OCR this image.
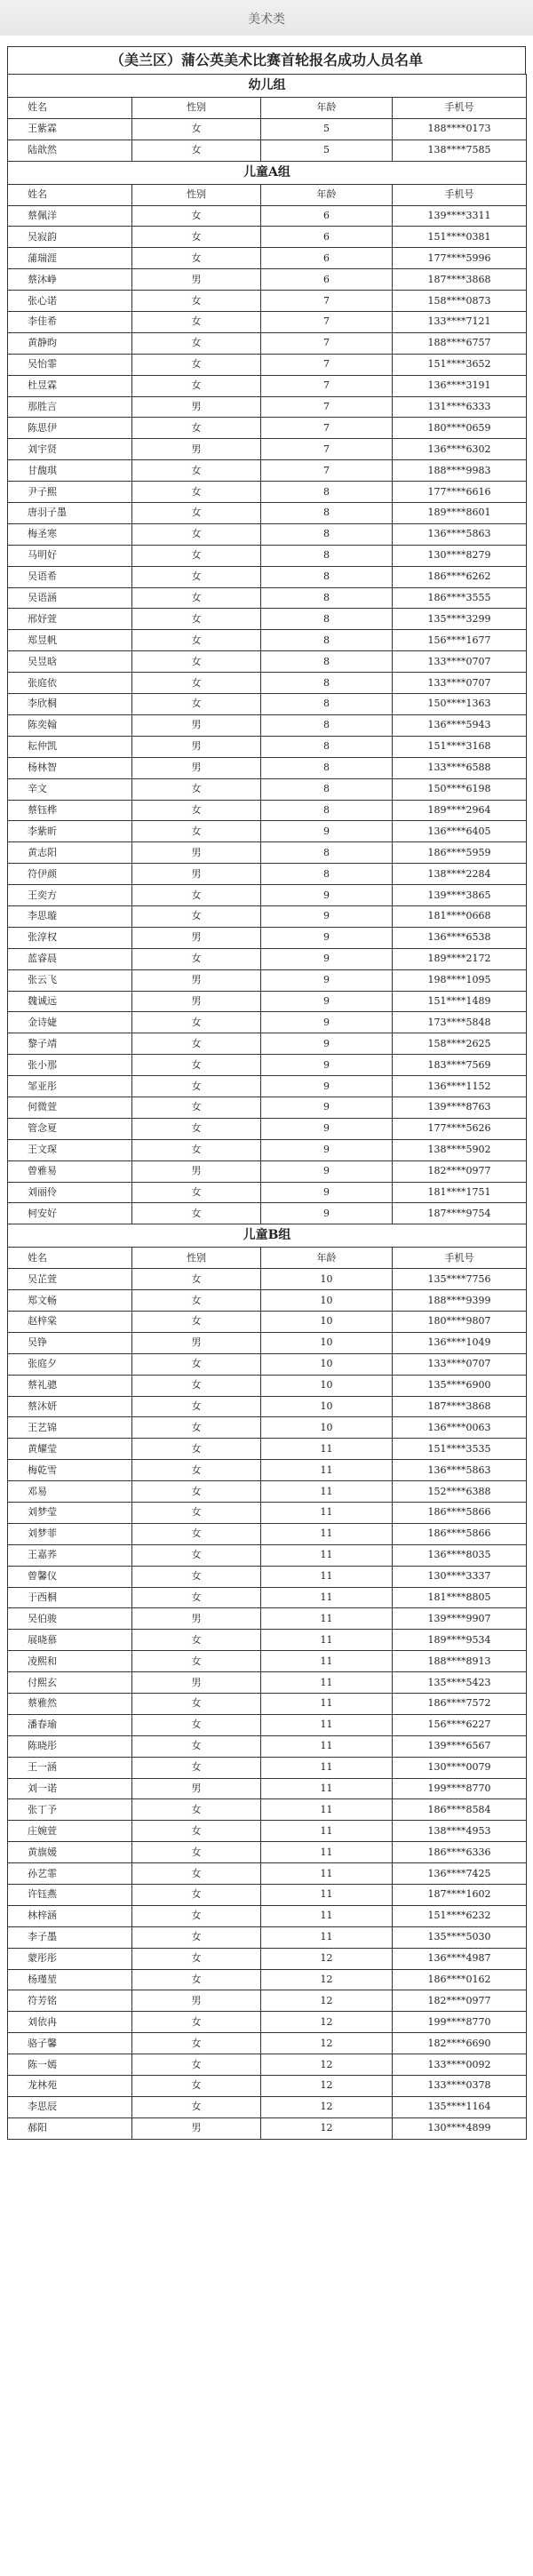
美术类
（美兰区）蒲公英美术比赛首轮报名成功人员名单
幼儿组			
姓名	性别	年龄	手机号
王紫霖	女	5	188****0173
陆歆然	女	5	138****7585
儿童A组			
姓名	性别	年龄	手机号
蔡佩洋	女	6	139****3311
吴寂韵	女	6	151****0381
蒲瑞涯	女	6	177****5996
蔡沐峥	男	6	187****3868
张心诺	女	7	158****0873
李佳希	女	7	133****7121
黄静昀	女	7	188****6757
吴怡霏	女	7	151****3652
杜昱霖	女	7	136****3191
那胜言	男	7	131****6333
陈思伊	女	7	180****0659
刘宇贤	男	7	136****6302
甘馥琪	女	7	188****9983
尹子熙	女	8	177****6616
唐羽子墨	女	8	189****8601
梅圣寒	女	8	136****5863
马明好	女	8	130****8279
吴语希	女	8	186****6262
吴语涵	女	8	186****3555
邢妤萱	女	8	135****3299
郑昱帆	女	8	156****1677
吴昱晗	女	8	133****0707
张庭依	女	8	133****0707
李欣桐	女	8	150****1363
陈奕翰	男	8	136****5943
耘仲凯	男	8	151****3168
杨林智	男	8	133****6588
辛文	女	8	150****6198
蔡钰桦	女	8	189****2964
李紫昕	女	9	136****6405
黄志阳	男	8	186****5959
符伊颜	男	8	138****2284
王奕方	女	9	139****3865
李思璇	女	9	181****0668
张淳权	男	9	136****6538
蓝睿晨	女	9	189****2172
张云飞	男	9	198****1095
魏诚远	男	9	151****1489
金诗婕	女	9	173****5848
黎子靖	女	9	158****2625
张小那	女	9	183****7569
邹亚彤	女	9	136****1152
何微萱	女	9	139****8763
管念夏	女	9	177****5626
王文琛	女	9	138****5902
曾雅易	男	9	182****0977
刘丽伶	女	9	181****1751
柯安好	女	9	187****9754
儿童B组			
姓名	性别	年龄	手机号
吴芷萱	女	10	135****7756
郑文畅	女	10	188****9399
赵梓棠	女	10	180****9807
吴铮	男	10	136****1049
张庭夕	女	10	133****0707
蔡礼骢	女	10	135****6900
蔡沐妍	女	10	187****3868
王艺锦	女	10	136****0063
黄耀莹	女	11	151****3535
梅乾雪	女	11	136****5863
邓易	女	11	152****6388
刘梦莹	女	11	186****5866
刘梦菲	女	11	186****5866
王嘉荞	女	11	136****8035
曾馨仪	女	11	130****3337
于西桐	女	11	181****8805
吴伯骏	男	11	139****9907
展晓慕	女	11	189****9534
凌熙和	女	11	188****8913
付熙玄	男	11	135****5423
蔡雅然	女	11	186****7572
潘春瑜	女	11	156****6227
陈晓彤	女	11	139****6567
王一涵	女	11	130****0079
刘一诺	男	11	199****8770
张丁予	女	11	186****8584
庄婉萱	女	11	138****4953
黄旗媛	女	11	186****6336
孙艺霏	女	11	136****7425
许钰燕	女	11	187****1602
林梓涵	女	11	151****6232
李子墨	女	11	135****5030
蒙彤彤	女	12	136****4987
杨瑾堃	女	12	186****0162
符芳铭	男	12	182****0977
刘依冉	女	12	199****8770
骆子馨	女	12	182****6690
陈一嫣	女	12	133****0092
龙林苑	女	12	133****0378
李思辰	女	12	135****1164
郝阳	男	12	130****4899
